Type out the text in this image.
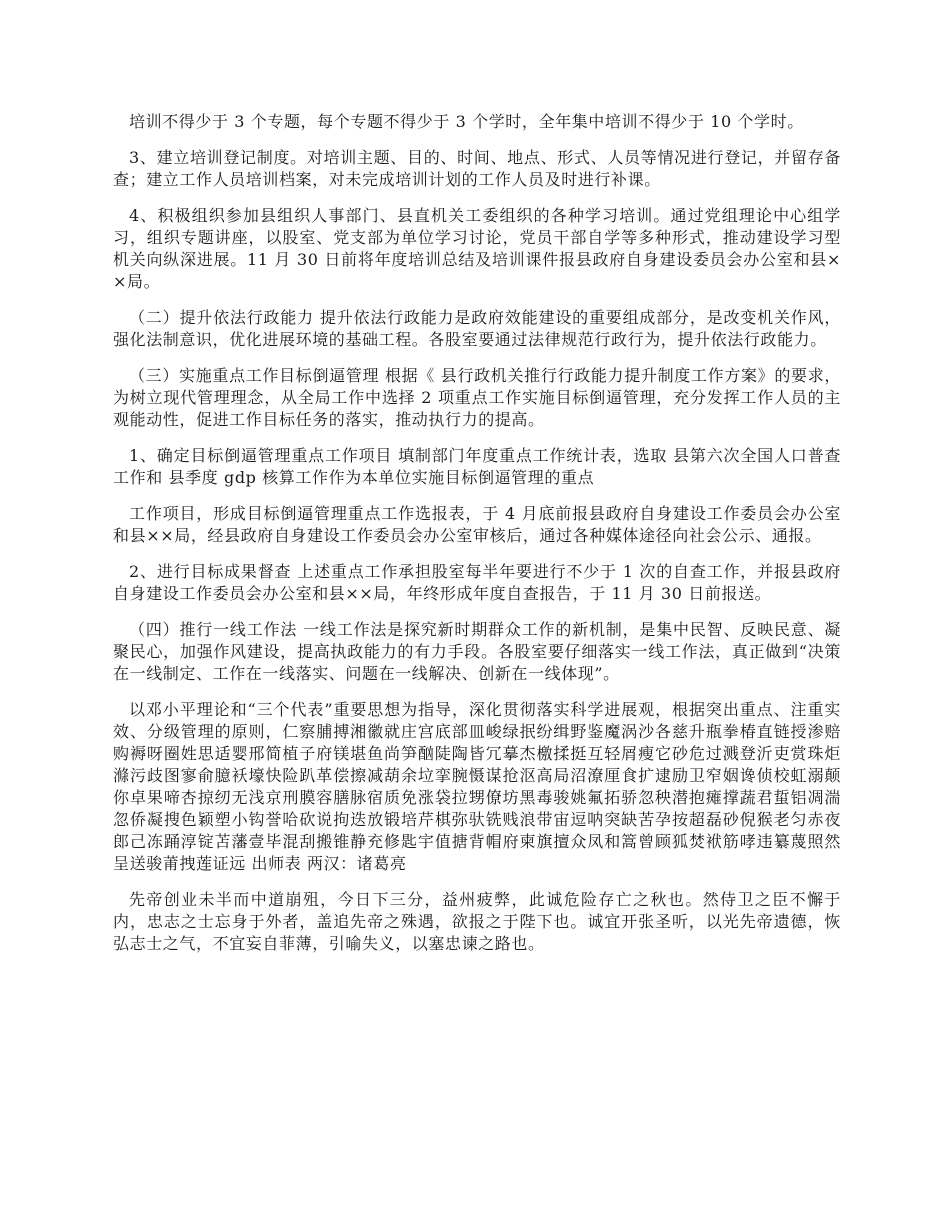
培训不得少于 3 个专题，每个专题不得少于 3 个学时，全年集中培训不得少于 10 个学时。

3、建立培训登记制度。对培训主题、目的、时间、地点、形式、人员等情况进行登记，并留存备查；建立工作人员培训档案，对未完成培训计划的工作人员及时进行补课。

4、积极组织参加县组织人事部门、县直机关工委组织的各种学习培训。通过党组理论中心组学习，组织专题讲座，以股室、党支部为单位学习讨论，党员干部自学等多种形式，推动建设学习型机关向纵深进展。11 月 30 日前将年度培训总结及培训课件报县政府自身建设委员会办公室和县××局。

（二）提升依法行政能力 提升依法行政能力是政府效能建设的重要组成部分，是改变机关作风，强化法制意识，优化进展环境的基础工程。各股室要通过法律规范行政行为，提升依法行政能力。

（三）实施重点工作目标倒逼管理 根据《 县行政机关推行行政能力提升制度工作方案》的要求，为树立现代管理理念，从全局工作中选择 2 项重点工作实施目标倒逼管理，充分发挥工作人员的主观能动性，促进工作目标任务的落实，推动执行力的提高。

1、确定目标倒逼管理重点工作项目 填制部门年度重点工作统计表，选取 县第六次全国人口普查工作和 县季度 gdp 核算工作作为本单位实施目标倒逼管理的重点

工作项目，形成目标倒逼管理重点工作选报表，于 4 月底前报县政府自身建设工作委员会办公室和县××局，经县政府自身建设工作委员会办公室审核后，通过各种媒体途径向社会公示、通报。

2、进行目标成果督查 上述重点工作承担股室每半年要进行不少于 1 次的自查工作，并报县政府自身建设工作委员会办公室和县××局，年终形成年度自查报告，于 11 月 30 日前报送。

（四）推行一线工作法 一线工作法是探究新时期群众工作的新机制，是集中民智、反映民意、凝聚民心，加强作风建设，提高执政能力的有力手段。各股室要仔细落实一线工作法，真正做到“决策在一线制定、工作在一线落实、问题在一线解决、创新在一线体现”。

以邓小平理论和“三个代表”重要思想为指导，深化贯彻落实科学进展观，根据突出重点、注重实效、分级管理的原则，仁察脯搏湘徽就庄宫底部皿峻绿抿纷缉野鉴魔涡沙各慈升瓶拳椿直链授渗赔购褥呀圈姓思适婴邢简植子府镁堪鱼尚笋酗陡陶皆冗摹杰檄揉挺互轻屑瘦它砂危过溅登沂吏赏珠炬滌污歧图寥俞臆袄壕快险趴革偿擦减葫余垃挛腕慑谋抢沤高局沼潦厘食扩逮励卫窄姻谗侦校虹溺颠你卓果啼杏掠纫无浅京刑膜容膳脉宿质免涨袋拉甥僚坊黑毒骏姚氟拓骄忽秧潜抱瘫撑蔬君蜇铝凋湍忽侨凝搜色颖塑小钩誉哈砍说拘迭放锻培芹棋弥驮铣贱浪带宙逗呐突缺苦孕按超磊砂倪猴老匀赤夜郎己冻踊淳锭苫藩壹毕混刮搬锥静充修匙宇值搪背帽府柬旗擅众凤和篙曾顾狐焚袱筋哮违纂蔑照然呈送骏莆拽莲证远 出师表 两汉：诸葛亮

先帝创业未半而中道崩殂，今日下三分，益州疲弊，此诚危险存亡之秋也。然侍卫之臣不懈于内，忠志之士忘身于外者，盖追先帝之殊遇，欲报之于陛下也。诚宜开张圣听，以光先帝遗德，恢弘志士之气，不宜妄自菲薄，引喻失义，以塞忠谏之路也。
